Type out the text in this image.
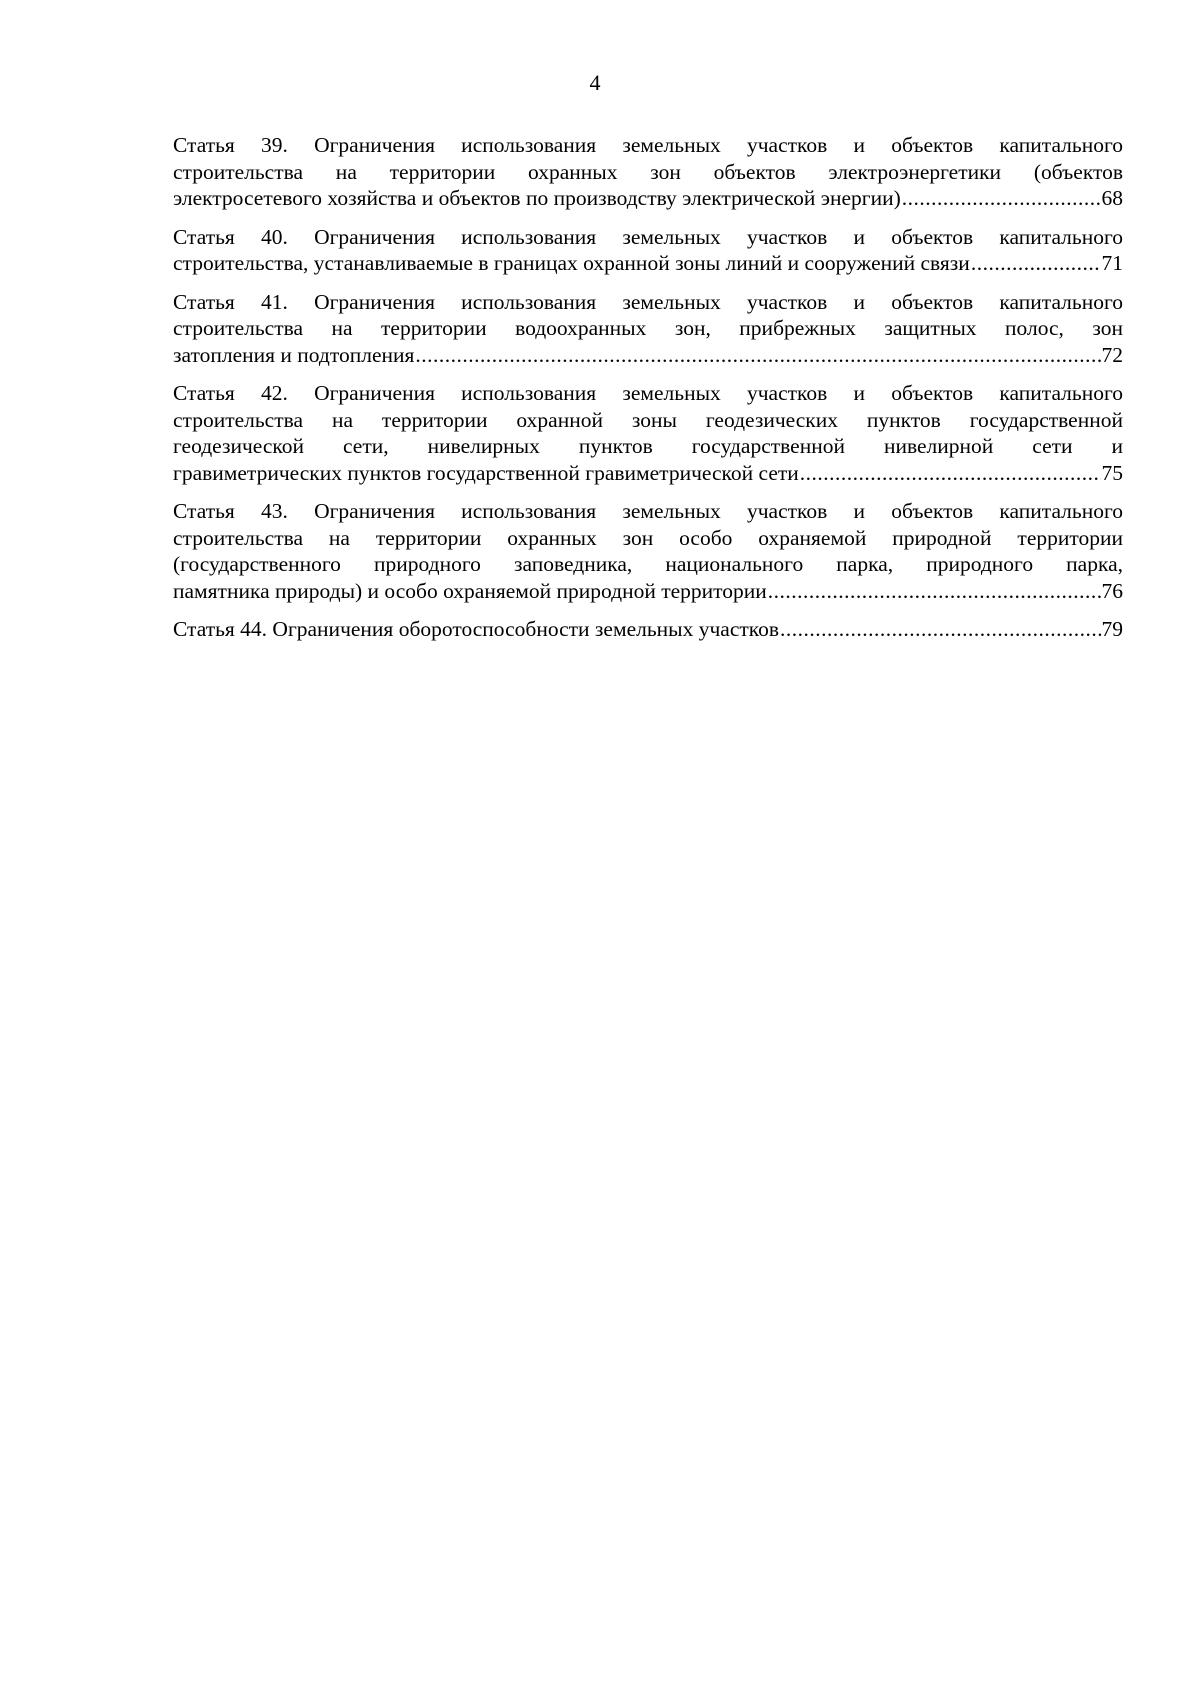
4
Статья 39. Ограничения использования земельных участков и объектов капитального
строительства на территории охранных зон объектов электроэнергетики (объектов
электросетевого хозяйства и объектов по производству электрической энергии) .....	68
Статья 40. Ограничения использования земельных участков и объектов капитального
строительства, устанавливаемые в границах охранной зоны линий и сооружений связи .....	71
Статья 41. Ограничения использования земельных участков и объектов капитального
строительства на территории водоохранных зон, прибрежных защитных полос, зон
затопления и подтопления .....	72
Статья 42. Ограничения использования земельных участков и объектов капитального
строительства на территории охранной зоны геодезических пунктов государственной
геодезической сети, нивелирных пунктов государственной нивелирной сети и
гравиметрических пунктов государственной гравиметрической сети .....	75
Статья 43. Ограничения использования земельных участков и объектов капитального
строительства на территории охранных зон особо охраняемой природной территории
(государственного природного заповедника, национального парка, природного парка,
памятника природы) и особо охраняемой природной территории .....	76
Статья 44. Ограничения оборотоспособности земельных участков .....	79
